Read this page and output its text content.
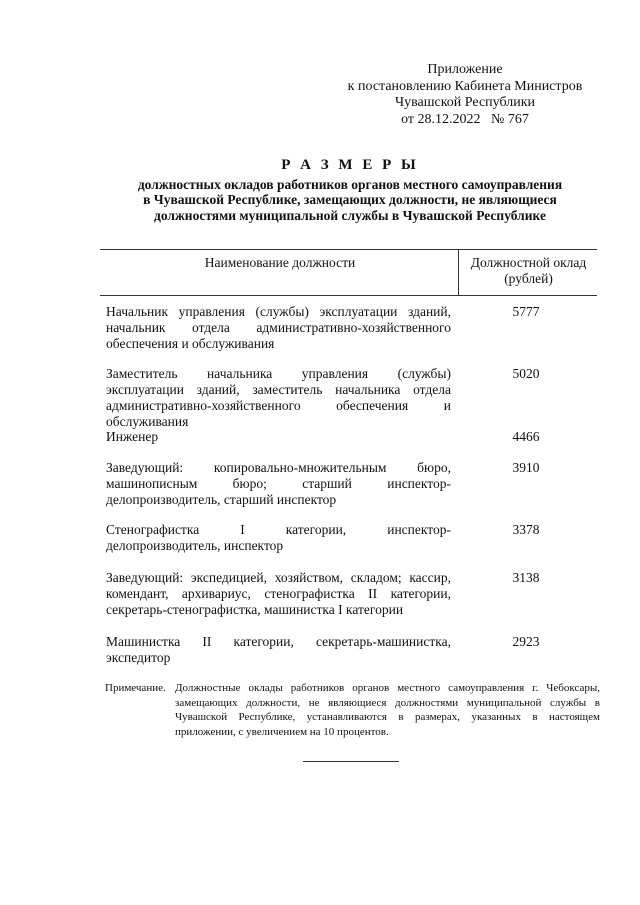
Приложение
к постановлению Кабинета Министров
Чувашской Республики
от 28.12.2022   № 767
Р А З М Е Р Ы
должностных окладов работников органов местного самоуправления
в Чувашской Республике, замещающих должности, не являющиеся
должностями муниципальной службы в Чувашской Республике
Наименование должности	Должностной оклад
(рублей)
Начальник управления (службы) эксплуатации зданий, начальник отдела административно-хозяйственного обеспечения и обслуживания
5777
Заместитель начальника управления (службы) эксплуатации зданий, заместитель начальника отдела административно-хозяйственного обеспечения и обслуживания
5020
Инженер	4466
Заведующий: копировально-множительным бюро, машинописным бюро; старший инспектор-делопроизводитель, старший инспектор
3910
Стенографистка I категории, инспектор-делопроизводитель, инспектор
3378
Заведующий: экспедицией, хозяйством, складом; кассир, комендант, архивариус, стенографистка II категории, секретарь-стенографистка, машинистка I категории
3138
Машинистка II категории, секретарь-машинистка, экспедитор
2923
Примечание. Должностные оклады работников органов местного самоуправления г. Чебоксары, замещающих должности, не являющиеся должностями муниципальной службы в Чувашской Республике, устанавливаются в размерах, указанных в настоящем приложении, с увеличением на 10 процентов.
